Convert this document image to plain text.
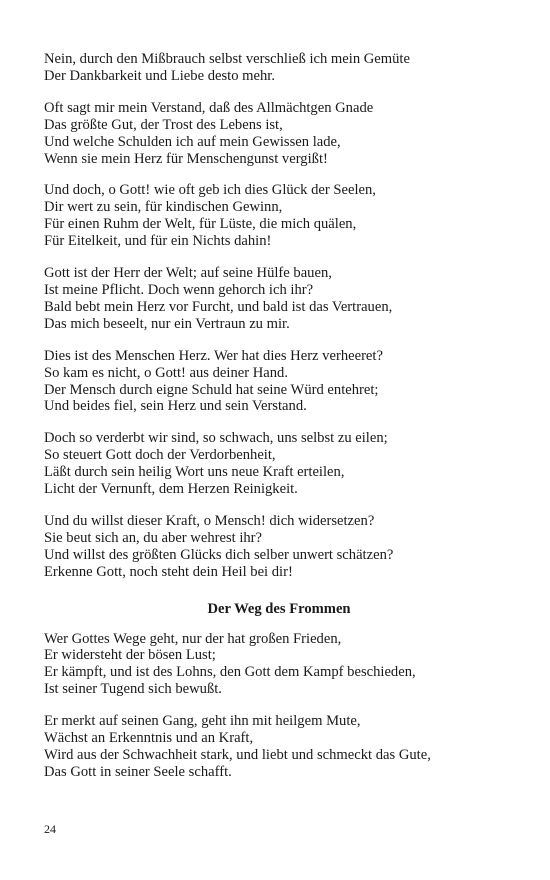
Nein, durch den Mißbrauch selbst verschließ ich mein Gemüte
Der Dankbarkeit und Liebe desto mehr.
Oft sagt mir mein Verstand, daß des Allmächtgen Gnade
Das größte Gut, der Trost des Lebens ist,
Und welche Schulden ich auf mein Gewissen lade,
Wenn sie mein Herz für Menschengunst vergißt!
Und doch, o Gott! wie oft geb ich dies Glück der Seelen,
Dir wert zu sein, für kindischen Gewinn,
Für einen Ruhm der Welt, für Lüste, die mich quälen,
Für Eitelkeit, und für ein Nichts dahin!
Gott ist der Herr der Welt; auf seine Hülfe bauen,
Ist meine Pflicht. Doch wenn gehorch ich ihr?
Bald bebt mein Herz vor Furcht, und bald ist das Vertrauen,
Das mich beseelt, nur ein Vertraun zu mir.
Dies ist des Menschen Herz. Wer hat dies Herz verheeret?
So kam es nicht, o Gott! aus deiner Hand.
Der Mensch durch eigne Schuld hat seine Würd entehret;
Und beides fiel, sein Herz und sein Verstand.
Doch so verderbt wir sind, so schwach, uns selbst zu eilen;
So steuert Gott doch der Verdorbenheit,
Läßt durch sein heilig Wort uns neue Kraft erteilen,
Licht der Vernunft, dem Herzen Reinigkeit.
Und du willst dieser Kraft, o Mensch! dich widersetzen?
Sie beut sich an, du aber wehrest ihr?
Und willst des größten Glücks dich selber unwert schätzen?
Erkenne Gott, noch steht dein Heil bei dir!
Der Weg des Frommen
Wer Gottes Wege geht, nur der hat großen Frieden,
Er widersteht der bösen Lust;
Er kämpft, und ist des Lohns, den Gott dem Kampf beschieden,
Ist seiner Tugend sich bewußt.
Er merkt auf seinen Gang, geht ihn mit heilgem Mute,
Wächst an Erkenntnis und an Kraft,
Wird aus der Schwachheit stark, und liebt und schmeckt das Gute,
Das Gott in seiner Seele schafft.
24
